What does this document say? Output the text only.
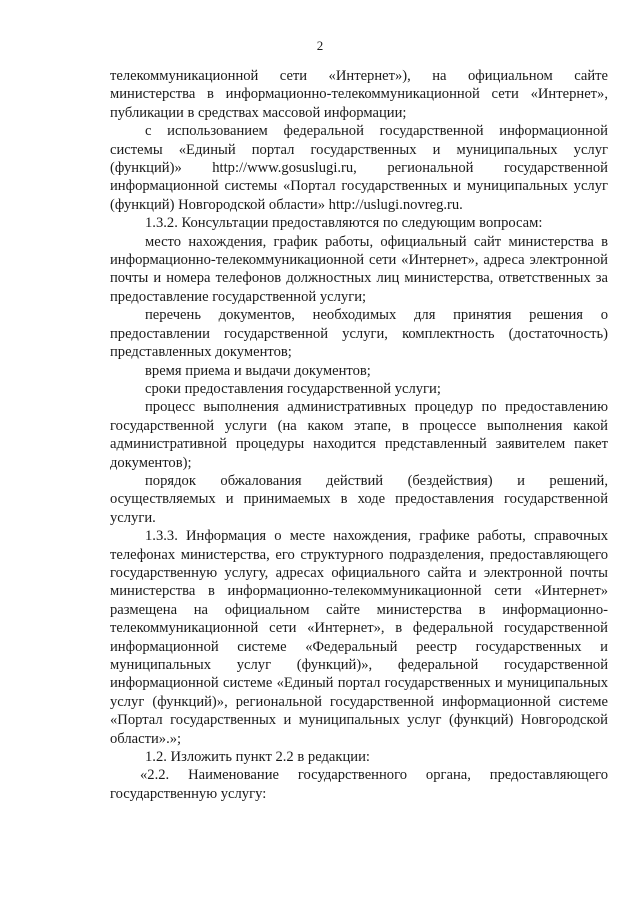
2

телекоммуникационной сети «Интернет»), на официальном сайте министерства в информационно-телекоммуникационной сети «Интернет», публикации в средствах массовой информации;

с использованием федеральной государственной информационной системы «Единый портал государственных и муниципальных услуг (функций)» http://www.gosuslugi.ru, региональной государственной информационной системы «Портал государственных и муниципальных услуг (функций) Новгородской области» http://uslugi.novreg.ru.

1.3.2. Консультации предоставляются по следующим вопросам:

место нахождения, график работы, официальный сайт министерства в информационно-телекоммуникационной сети «Интернет», адреса электронной почты и номера телефонов должностных лиц министерства, ответственных за предоставление государственной услуги;

перечень документов, необходимых для принятия решения о предоставлении государственной услуги, комплектность (достаточность) представленных документов;

время приема и выдачи документов;

сроки предоставления государственной услуги;

процесс выполнения административных процедур по предоставлению государственной услуги (на каком этапе, в процессе выполнения какой административной процедуры находится представленный заявителем пакет документов);

порядок обжалования действий (бездействия) и решений, осуществляемых и принимаемых в ходе предоставления государственной услуги.

1.3.3. Информация о месте нахождения, графике работы, справочных телефонах министерства, его структурного подразделения, предоставляющего государственную услугу, адресах официального сайта и электронной почты министерства в информационно-телекоммуникационной сети «Интернет» размещена на официальном сайте министерства в информационно-телекоммуникационной сети «Интернет», в федеральной государственной информационной системе «Федеральный реестр государственных и муниципальных услуг (функций)», федеральной государственной информационной системе «Единый портал государственных и муниципальных услуг (функций)», региональной государственной информационной системе «Портал государственных и муниципальных услуг (функций) Новгородской области».»;

1.2. Изложить пункт 2.2 в редакции:

«2.2. Наименование государственного органа, предоставляющего государственную услугу:
